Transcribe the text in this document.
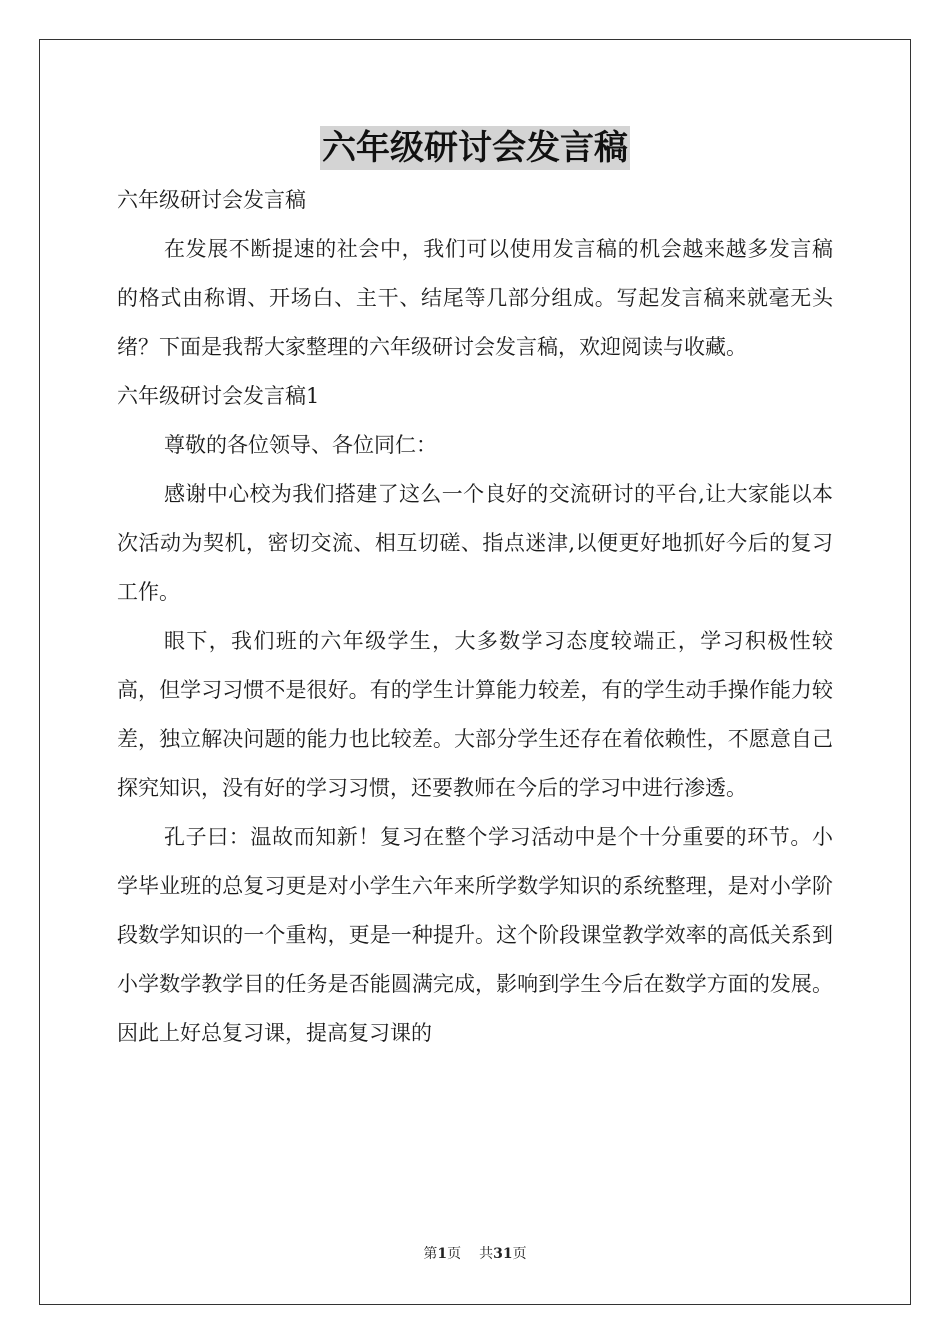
六年级研讨会发言稿

六年级研讨会发言稿

在发展不断提速的社会中，我们可以使用发言稿的机会越来越多发言稿的格式由称谓、开场白、主干、结尾等几部分组成。写起发言稿来就毫无头绪？下面是我帮大家整理的六年级研讨会发言稿，欢迎阅读与收藏。

六年级研讨会发言稿1

尊敬的各位领导、各位同仁：

感谢中心校为我们搭建了这么一个良好的交流研讨的平台,让大家能以本次活动为契机，密切交流、相互切磋、指点迷津,以便更好地抓好今后的复习工作。

眼下，我们班的六年级学生，大多数学习态度较端正，学习积极性较高，但学习习惯不是很好。有的学生计算能力较差，有的学生动手操作能力较差，独立解决问题的能力也比较差。大部分学生还存在着依赖性，不愿意自己探究知识，没有好的学习习惯，还要教师在今后的学习中进行渗透。

孔子曰：温故而知新！复习在整个学习活动中是个十分重要的环节。小学毕业班的总复习更是对小学生六年来所学数学知识的系统整理，是对小学阶段数学知识的一个重构，更是一种提升。这个阶段课堂教学效率的高低关系到小学数学教学目的任务是否能圆满完成，影响到学生今后在数学方面的发展。因此上好总复习课，提高复习课的

第1页 共31页
